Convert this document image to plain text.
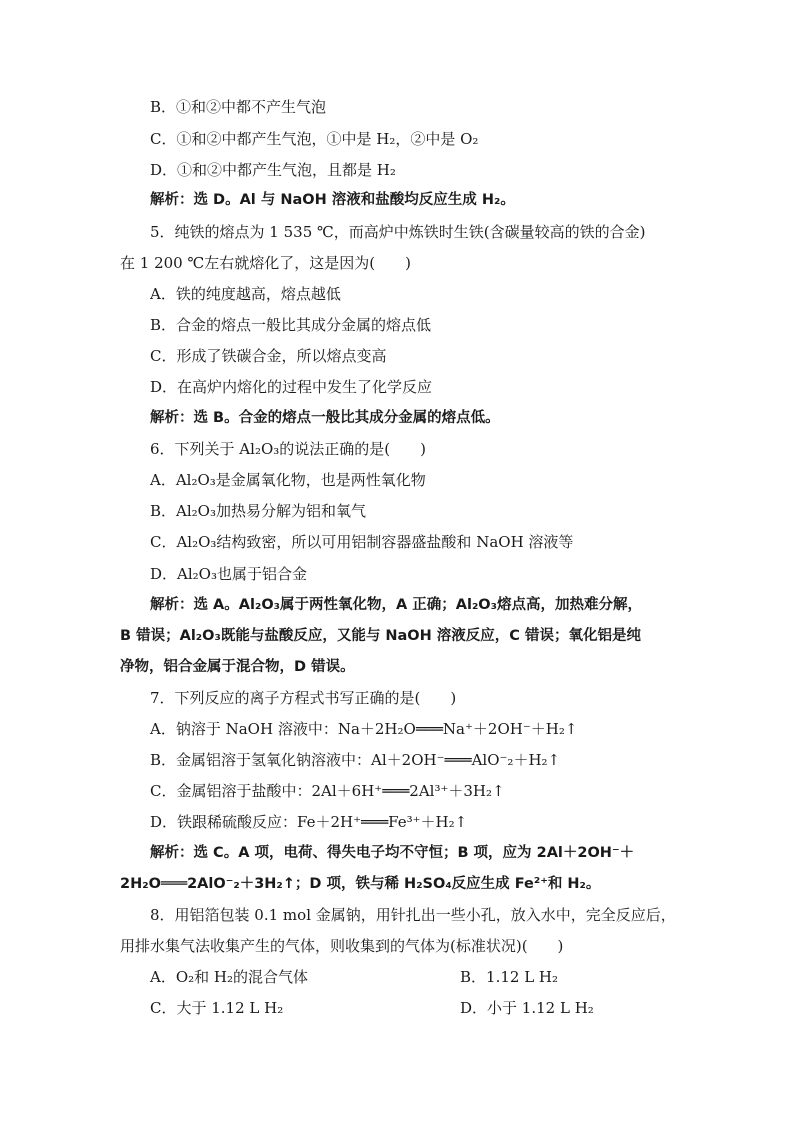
B．①和②中都不产生气泡
C．①和②中都产生气泡，①中是 H₂，②中是 O₂
D．①和②中都产生气泡，且都是 H₂
解析：选 D。Al 与 NaOH 溶液和盐酸均反应生成 H₂。
5．纯铁的熔点为 1 535 ℃，而高炉中炼铁时生铁(含碳量较高的铁的合金)
在 1 200 ℃左右就熔化了，这是因为(　　)
A．铁的纯度越高，熔点越低
B．合金的熔点一般比其成分金属的熔点低
C．形成了铁碳合金，所以熔点变高
D．在高炉内熔化的过程中发生了化学反应
解析：选 B。合金的熔点一般比其成分金属的熔点低。
6．下列关于 Al₂O₃的说法正确的是(　　)
A．Al₂O₃是金属氧化物，也是两性氧化物
B．Al₂O₃加热易分解为铝和氧气
C．Al₂O₃结构致密，所以可用铝制容器盛盐酸和 NaOH 溶液等
D．Al₂O₃也属于铝合金
解析：选 A。Al₂O₃属于两性氧化物，A 正确；Al₂O₃熔点高，加热难分解，
B 错误；Al₂O₃既能与盐酸反应，又能与 NaOH 溶液反应，C 错误；氧化铝是纯
净物，铝合金属于混合物，D 错误。
7．下列反应的离子方程式书写正确的是(　　)
A．钠溶于 NaOH 溶液中：Na＋2H₂O═══Na⁺＋2OH⁻＋H₂↑
B．金属铝溶于氢氧化钠溶液中：Al＋2OH⁻═══AlO⁻₂＋H₂↑
C．金属铝溶于盐酸中：2Al＋6H⁺═══2Al³⁺＋3H₂↑
D．铁跟稀硫酸反应：Fe＋2H⁺═══Fe³⁺＋H₂↑
解析：选 C。A 项，电荷、得失电子均不守恒；B 项，应为 2Al＋2OH⁻＋
2H₂O═══2AlO⁻₂＋3H₂↑；D 项，铁与稀 H₂SO₄反应生成 Fe²⁺和 H₂。
8．用铝箔包装 0.1 mol 金属钠，用针扎出一些小孔，放入水中，完全反应后，
用排水集气法收集产生的气体，则收集到的气体为(标准状况)(　　)
A．O₂和 H₂的混合气体	B．1.12 L H₂
C．大于 1.12 L H₂	D．小于 1.12 L H₂
